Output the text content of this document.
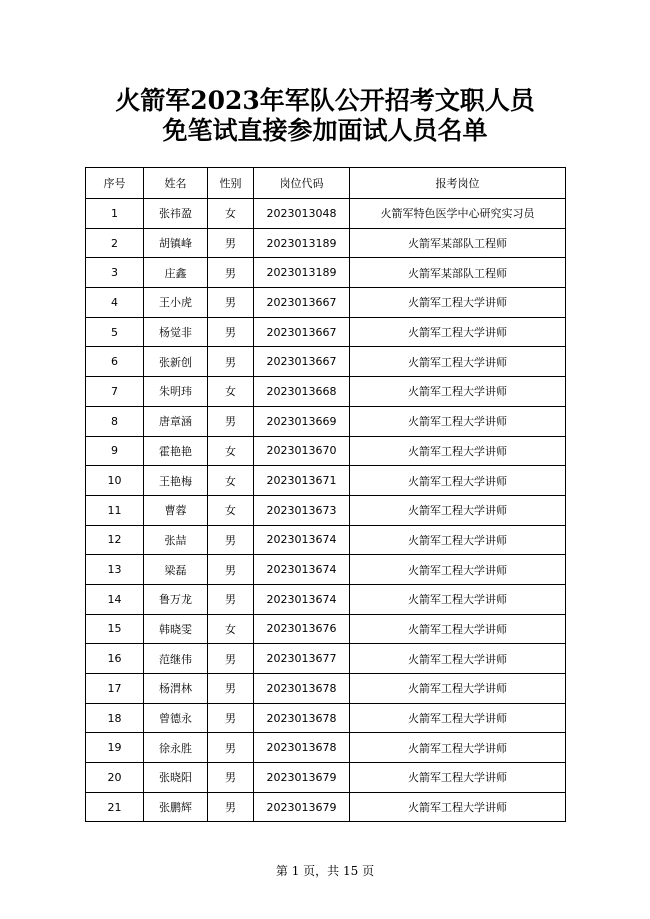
火箭军2023年军队公开招考文职人员
免笔试直接参加面试人员名单
序号	姓名	性别	岗位代码	报考岗位
1	张祎盈	女	2023013048	火箭军特色医学中心研究实习员
2	胡镇峰	男	2023013189	火箭军某部队工程师
3	庄鑫	男	2023013189	火箭军某部队工程师
4	王小虎	男	2023013667	火箭军工程大学讲师
5	杨觉非	男	2023013667	火箭军工程大学讲师
6	张新创	男	2023013667	火箭军工程大学讲师
7	朱明玮	女	2023013668	火箭军工程大学讲师
8	唐章涵	男	2023013669	火箭军工程大学讲师
9	霍艳艳	女	2023013670	火箭军工程大学讲师
10	王艳梅	女	2023013671	火箭军工程大学讲师
11	曹蓉	女	2023013673	火箭军工程大学讲师
12	张喆	男	2023013674	火箭军工程大学讲师
13	梁磊	男	2023013674	火箭军工程大学讲师
14	鲁万龙	男	2023013674	火箭军工程大学讲师
15	韩晓雯	女	2023013676	火箭军工程大学讲师
16	范继伟	男	2023013677	火箭军工程大学讲师
17	杨渭林	男	2023013678	火箭军工程大学讲师
18	曾德永	男	2023013678	火箭军工程大学讲师
19	徐永胜	男	2023013678	火箭军工程大学讲师
20	张晓阳	男	2023013679	火箭军工程大学讲师
21	张鹏辉	男	2023013679	火箭军工程大学讲师
第 1 页，共 15 页
